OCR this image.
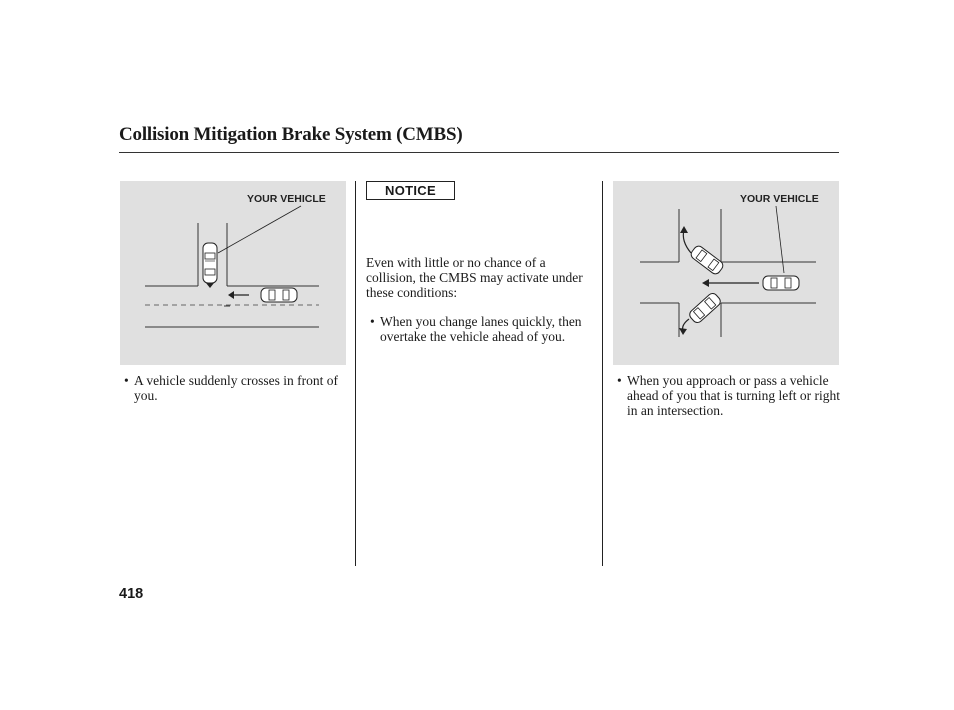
Collision Mitigation Brake System (CMBS)
YOUR VEHICLE
• A vehicle suddenly crosses in front of you.
NOTICE
Even with little or no chance of a collision, the CMBS may activate under these conditions:
• When you change lanes quickly, then overtake the vehicle ahead of you.
YOUR VEHICLE
• When you approach or pass a vehicle ahead of you that is turning left or right in an intersection.
418
